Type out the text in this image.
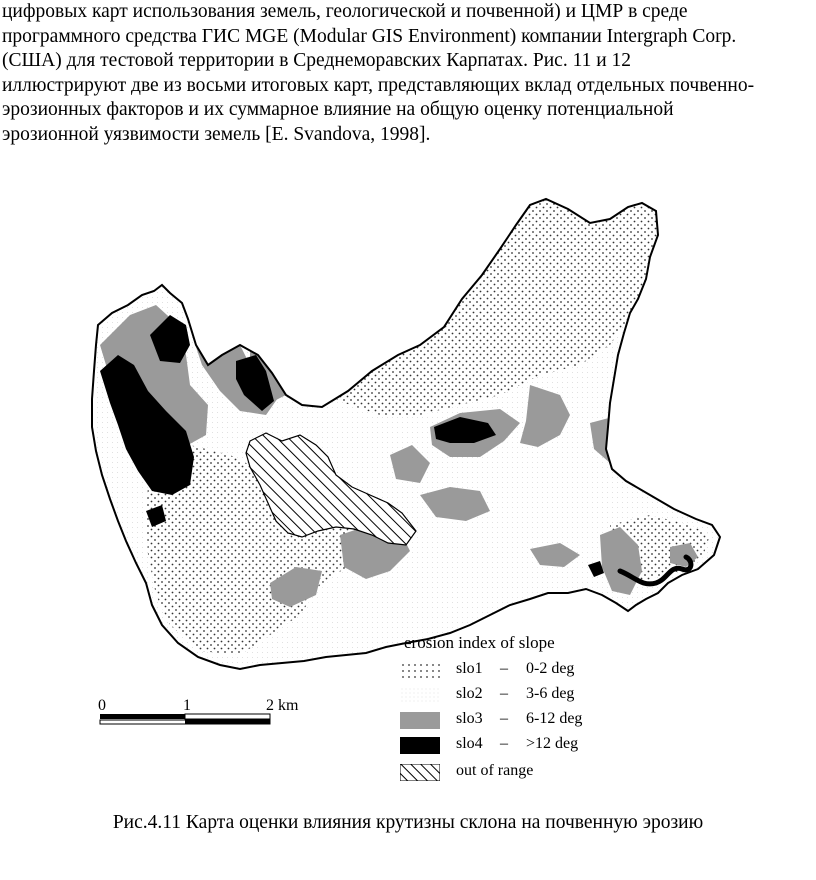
цифровых карт использования земель, геологической и почвенной) и ЦМР в среде
программного средства ГИС MGE (Modular GIS Environment) компании Intergraph Corp.
(США) для тестовой территории в Среднеморавских Карпатах. Рис. 11 и 12
иллюстрируют две из восьми итоговых карт, представляющих вклад отдельных почвенно-
эрозионных факторов и их суммарное влияние на общую оценку потенциальной
эрозионной уязвимости земель [E. Svandova, 1998].
0	1	2 km
erosion index of slope
slo1 – 0-2 deg
slo2 – 3-6 deg
slo3 – 6-12 deg
slo4 – >12 deg
out of range
Рис.4.11 Карта оценки влияния крутизны склона на почвенную эрозию
